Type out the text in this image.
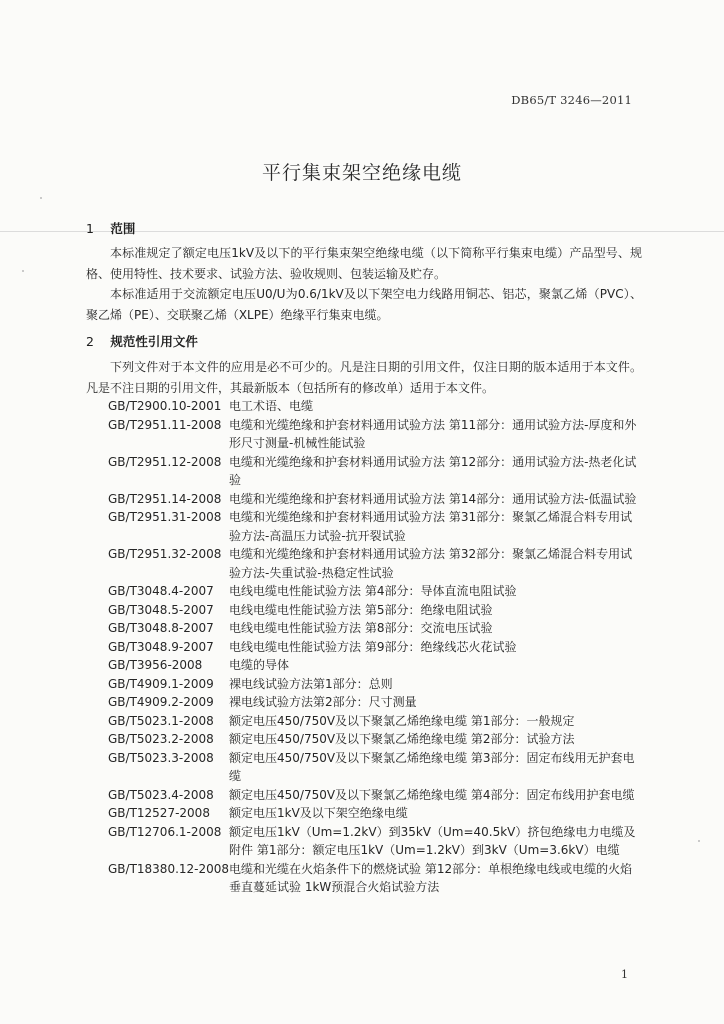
DB65/T 3246—2011
平行集束架空绝缘电缆
1 范围
本标准规定了额定电压1kV及以下的平行集束架空绝缘电缆（以下简称平行集束电缆）产品型号、规格、使用特性、技术要求、试验方法、验收规则、包装运输及贮存。
本标准适用于交流额定电压U0/U为0.6/1kV及以下架空电力线路用铜芯、铝芯，聚氯乙烯（PVC）、聚乙烯（PE）、交联聚乙烯（XLPE）绝缘平行集束电缆。
2 规范性引用文件
下列文件对于本文件的应用是必不可少的。凡是注日期的引用文件，仅注日期的版本适用于本文件。凡是不注日期的引用文件，其最新版本（包括所有的修改单）适用于本文件。
GB/T2900.10-2001 电工术语、电缆
GB/T2951.11-2008 电缆和光缆绝缘和护套材料通用试验方法 第11部分：通用试验方法-厚度和外形尺寸测量-机械性能试验
GB/T2951.12-2008 电缆和光缆绝缘和护套材料通用试验方法 第12部分：通用试验方法-热老化试验
GB/T2951.14-2008 电缆和光缆绝缘和护套材料通用试验方法 第14部分：通用试验方法-低温试验
GB/T2951.31-2008 电缆和光缆绝缘和护套材料通用试验方法 第31部分：聚氯乙烯混合料专用试验方法-高温压力试验-抗开裂试验
GB/T2951.32-2008 电缆和光缆绝缘和护套材料通用试验方法 第32部分：聚氯乙烯混合料专用试验方法-失重试验-热稳定性试验
GB/T3048.4-2007	电线电缆电性能试验方法 第4部分：导体直流电阻试验
GB/T3048.5-2007	电线电缆电性能试验方法 第5部分：绝缘电阻试验
GB/T3048.8-2007	电线电缆电性能试验方法 第8部分：交流电压试验
GB/T3048.9-2007	电线电缆电性能试验方法 第9部分：绝缘线芯火花试验
GB/T3956-2008	电缆的导体
GB/T4909.1-2009	裸电线试验方法第1部分：总则
GB/T4909.2-2009	裸电线试验方法第2部分：尺寸测量
GB/T5023.1-2008	额定电压450/750V及以下聚氯乙烯绝缘电缆 第1部分：一般规定
GB/T5023.2-2008	额定电压450/750V及以下聚氯乙烯绝缘电缆 第2部分：试验方法
GB/T5023.3-2008	额定电压450/750V及以下聚氯乙烯绝缘电缆 第3部分：固定布线用无护套电缆
GB/T5023.4-2008	额定电压450/750V及以下聚氯乙烯绝缘电缆 第4部分：固定布线用护套电缆
GB/T12527-2008	额定电压1kV及以下架空绝缘电缆
GB/T12706.1-2008 额定电压1kV（Um=1.2kV）到35kV（Um=40.5kV）挤包绝缘电力电缆及附件 第1部分：额定电压1kV（Um=1.2kV）到3kV（Um=3.6kV）电缆
GB/T18380.12-2008 电缆和光缆在火焰条件下的燃烧试验 第12部分：单根绝缘电线或电缆的火焰垂直蔓延试验 1kW预混合火焰试验方法
1
